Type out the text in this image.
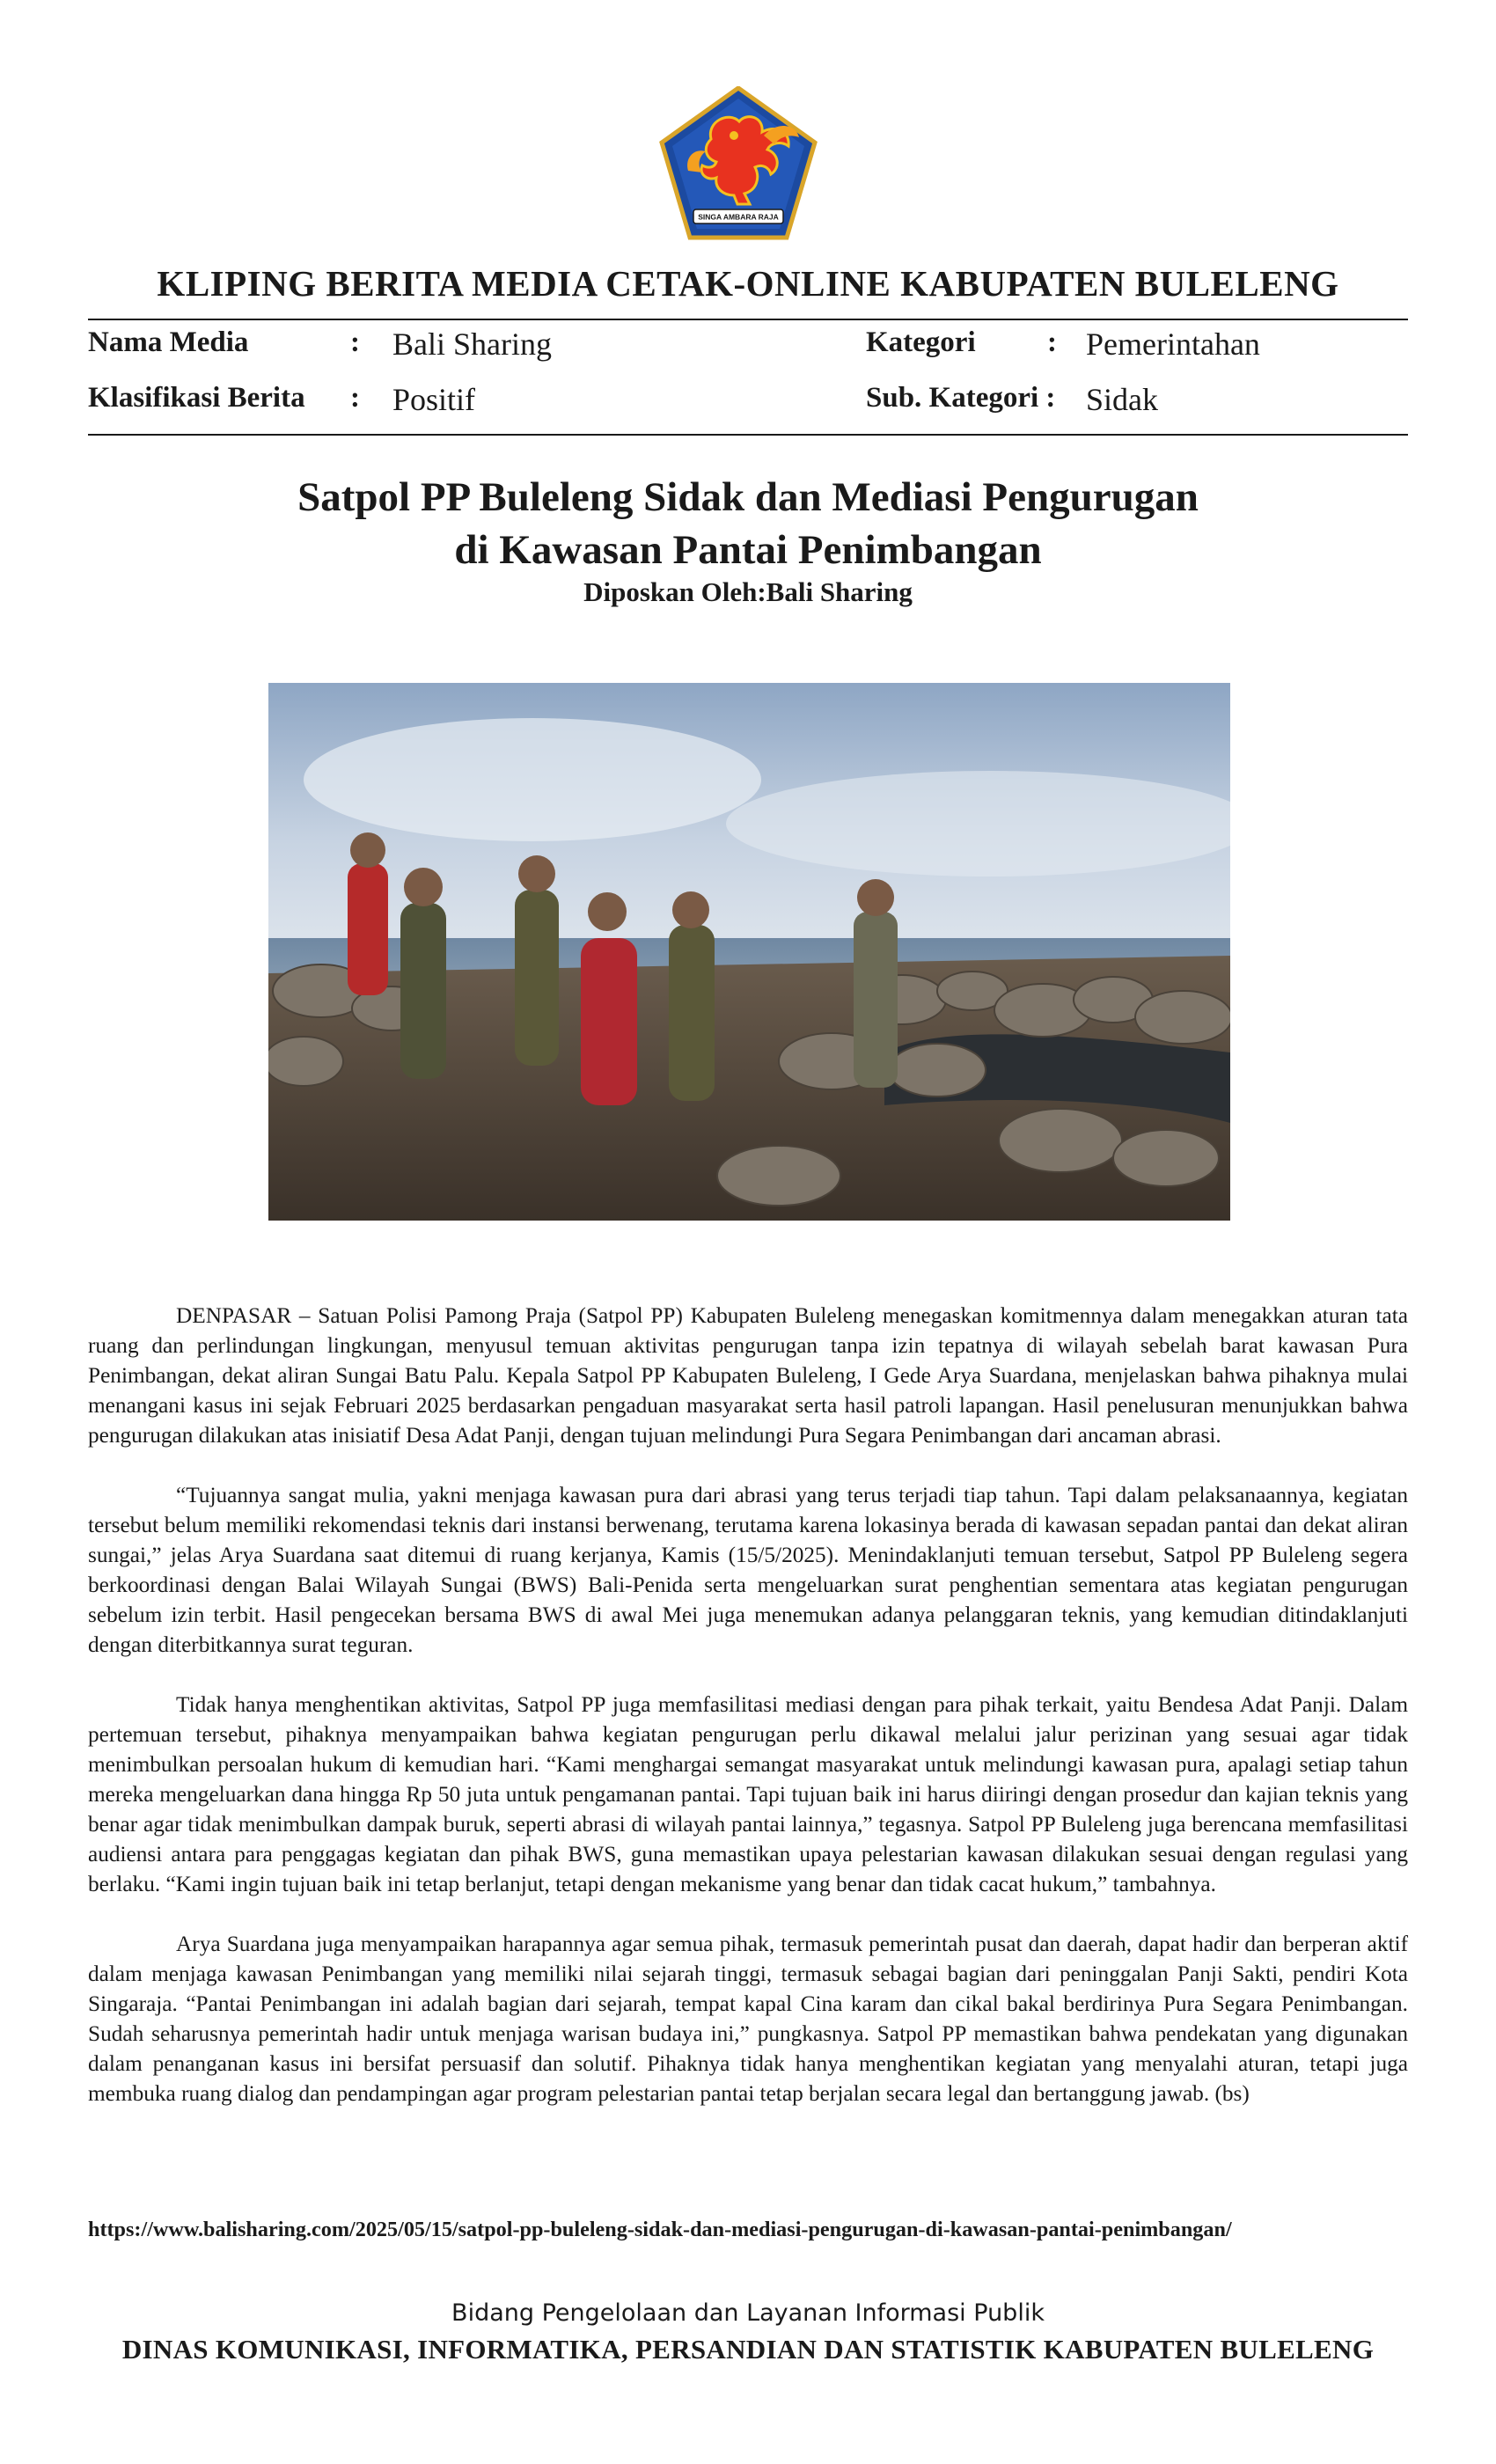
SINGA AMBARA RAJA
KLIPING BERITA MEDIA CETAK-ONLINE KABUPATEN BULELENG
Nama Media	: Bali Sharing
Klasifikasi Berita : Positif
Kategori : Pemerintahan
Sub. Kategori : Sidak
Satpol PP Buleleng Sidak dan Mediasi Pengurugan
di Kawasan Pantai Penimbangan
Diposkan Oleh:Bali Sharing

DENPASAR – Satuan Polisi Pamong Praja (Satpol PP) Kabupaten Buleleng menegaskan komitmennya dalam menegakkan aturan tata ruang dan perlindungan lingkungan, menyusul temuan aktivitas pengurugan tanpa izin tepatnya di wilayah sebelah barat kawasan Pura Penimbangan, dekat aliran Sungai Batu Palu. Kepala Satpol PP Kabupaten Buleleng, I Gede Arya Suardana, menjelaskan bahwa pihaknya mulai menangani kasus ini sejak Februari 2025 berdasarkan pengaduan masyarakat serta hasil patroli lapangan. Hasil penelusuran menunjukkan bahwa pengurugan dilakukan atas inisiatif Desa Adat Panji, dengan tujuan melindungi Pura Segara Penimbangan dari ancaman abrasi.

“Tujuannya sangat mulia, yakni menjaga kawasan pura dari abrasi yang terus terjadi tiap tahun. Tapi dalam pelaksanaannya, kegiatan tersebut belum memiliki rekomendasi teknis dari instansi berwenang, terutama karena lokasinya berada di kawasan sepadan pantai dan dekat aliran sungai,” jelas Arya Suardana saat ditemui di ruang kerjanya, Kamis (15/5/2025). Menindaklanjuti temuan tersebut, Satpol PP Buleleng segera berkoordinasi dengan Balai Wilayah Sungai (BWS) Bali-Penida serta mengeluarkan surat penghentian sementara atas kegiatan pengurugan sebelum izin terbit. Hasil pengecekan bersama BWS di awal Mei juga menemukan adanya pelanggaran teknis, yang kemudian ditindaklanjuti dengan diterbitkannya surat teguran.

Tidak hanya menghentikan aktivitas, Satpol PP juga memfasilitasi mediasi dengan para pihak terkait, yaitu Bendesa Adat Panji. Dalam pertemuan tersebut, pihaknya menyampaikan bahwa kegiatan pengurugan perlu dikawal melalui jalur perizinan yang sesuai agar tidak menimbulkan persoalan hukum di kemudian hari. “Kami menghargai semangat masyarakat untuk melindungi kawasan pura, apalagi setiap tahun mereka mengeluarkan dana hingga Rp 50 juta untuk pengamanan pantai. Tapi tujuan baik ini harus diiringi dengan prosedur dan kajian teknis yang benar agar tidak menimbulkan dampak buruk, seperti abrasi di wilayah pantai lainnya,” tegasnya. Satpol PP Buleleng juga berencana memfasilitasi audiensi antara para penggagas kegiatan dan pihak BWS, guna memastikan upaya pelestarian kawasan dilakukan sesuai dengan regulasi yang berlaku. “Kami ingin tujuan baik ini tetap berlanjut, tetapi dengan mekanisme yang benar dan tidak cacat hukum,” tambahnya.

Arya Suardana juga menyampaikan harapannya agar semua pihak, termasuk pemerintah pusat dan daerah, dapat hadir dan berperan aktif dalam menjaga kawasan Penimbangan yang memiliki nilai sejarah tinggi, termasuk sebagai bagian dari peninggalan Panji Sakti, pendiri Kota Singaraja. “Pantai Penimbangan ini adalah bagian dari sejarah, tempat kapal Cina karam dan cikal bakal berdirinya Pura Segara Penimbangan. Sudah seharusnya pemerintah hadir untuk menjaga warisan budaya ini,” pungkasnya. Satpol PP memastikan bahwa pendekatan yang digunakan dalam penanganan kasus ini bersifat persuasif dan solutif. Pihaknya tidak hanya menghentikan kegiatan yang menyalahi aturan, tetapi juga membuka ruang dialog dan pendampingan agar program pelestarian pantai tetap berjalan secara legal dan bertanggung jawab. (bs)

https://www.balisharing.com/2025/05/15/satpol-pp-buleleng-sidak-dan-mediasi-pengurugan-di-kawasan-pantai-penimbangan/
Bidang Pengelolaan dan Layanan Informasi Publik
DINAS KOMUNIKASI, INFORMATIKA, PERSANDIAN DAN STATISTIK KABUPATEN BULELENG
